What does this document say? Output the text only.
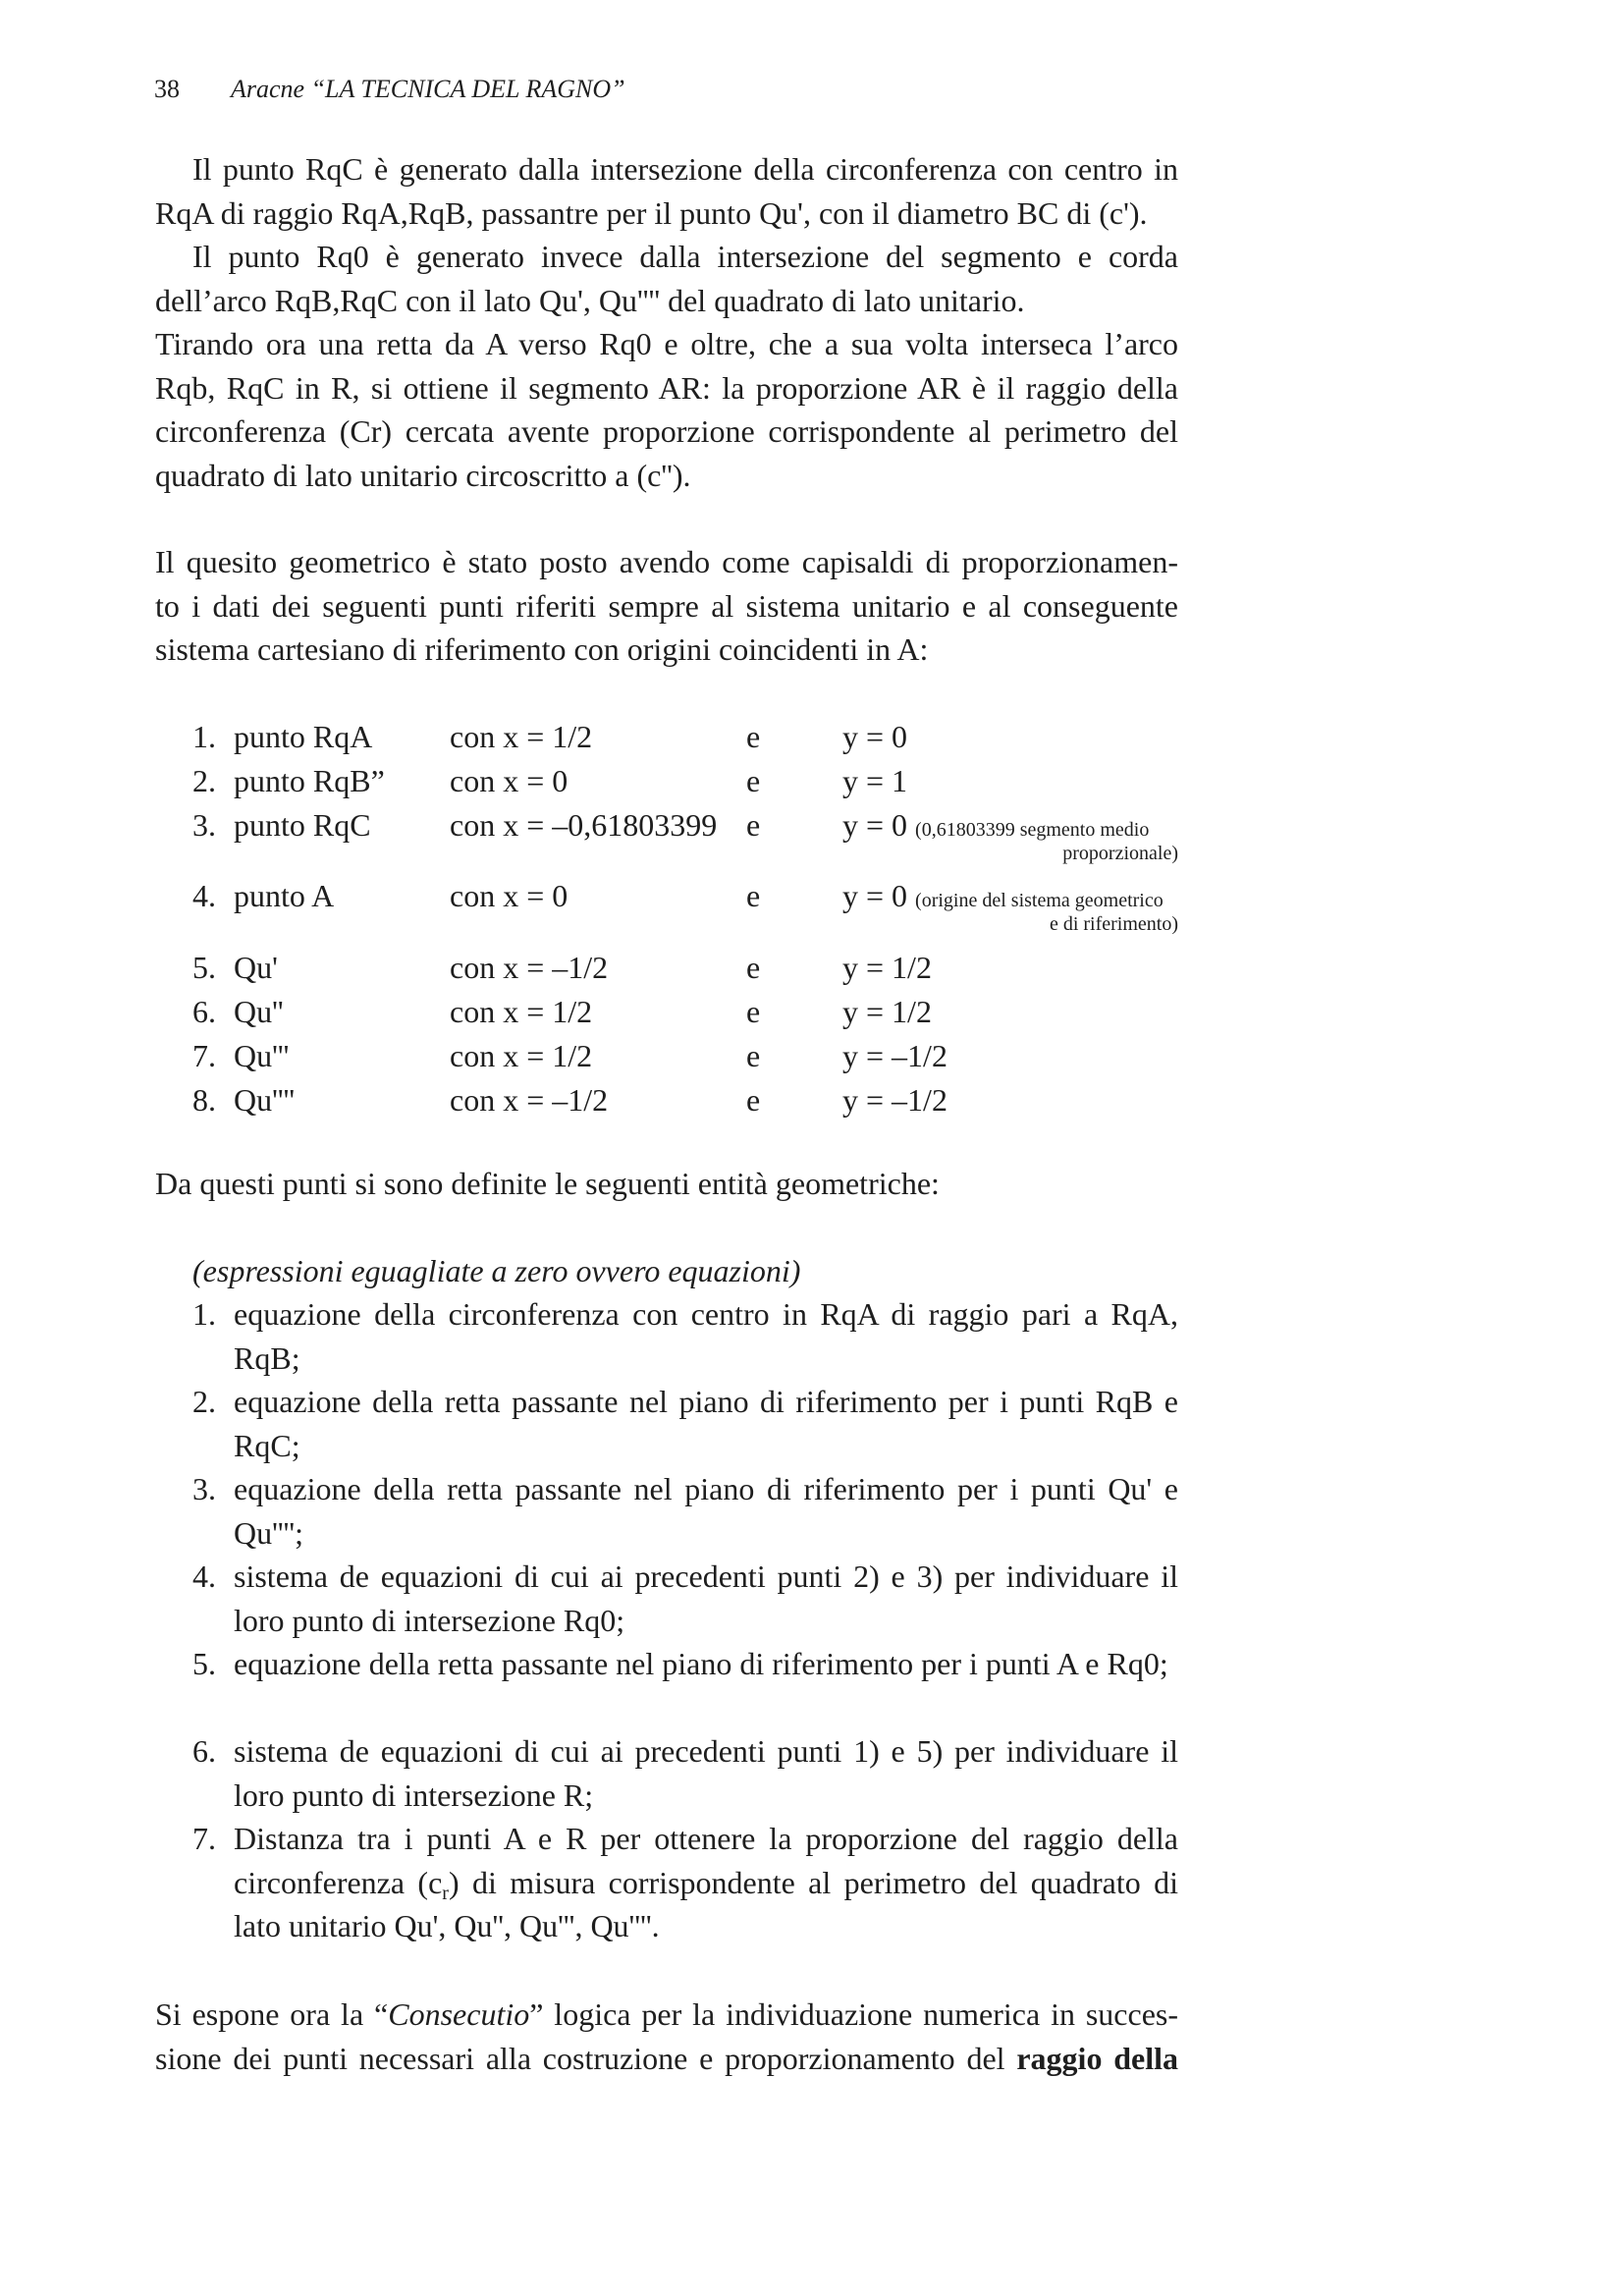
38 Aracne “LA TECNICA DEL RAGNO”

Il punto RqC è generato dalla intersezione della circonferenza con centro in

RqA di raggio RqA,RqB, passantre per il punto Qu', con il diametro BC di (c').

Il punto Rq0 è generato invece dalla intersezione del segmento e corda

dell’arco RqB,RqC con il lato Qu', Qu'''' del quadrato di lato unitario.

Tirando ora una retta da A verso Rq0 e oltre, che a sua volta interseca l’arco

Rqb, RqC in R, si ottiene il segmento AR: la proporzione AR è il raggio della

circonferenza (Cr) cercata avente proporzione corrispondente al perimetro del

quadrato di lato unitario circoscritto a (c'').

Il quesito geometrico è stato posto avendo come capisaldi di proporzionamen-

to i dati dei seguenti punti riferiti sempre al sistema unitario e al conseguente

sistema cartesiano di riferimento con origini coincidenti in A:

1. punto RqA con x = 1/2	e	y = 0
2. punto RqB” con x = 0	e	y = 1
3. punto RqC	con x = –0,61803399 e	y = 0 (0,61803399 segmento medio
proporzionale)
4. punto A	con x = 0	e	y = 0 (origine del sistema geometrico
e di riferimento)
5. Qu'	con x = –1/2	e	y = 1/2
6. Qu''	con x = 1/2	e	y = 1/2
7. Qu'''	con x = 1/2	e	y = –1/2
8. Qu''''	con x = –1/2	e	y = –1/2
Da questi punti si sono definite le seguenti entità geometriche:
(espressioni eguagliate a zero ovvero equazioni)
1. equazione della circonferenza con centro in RqA di raggio pari a RqA, RqB;
2. equazione della retta passante nel piano di riferimento per i punti RqB e RqC;
3. equazione della retta passante nel piano di riferimento per i punti Qu' e Qu'''';
4. sistema de equazioni di cui ai precedenti punti 2) e 3) per individuare il loro punto di intersezione Rq0;
5. equazione della retta passante nel piano di riferimento per i punti A e Rq0;
6. sistema de equazioni di cui ai precedenti punti 1) e 5) per individuare il loro punto di intersezione R;
7. Distanza tra i punti A e R per ottenere la proporzione del raggio della circonferenza $(c_r)$ di misura corrispondente al perimetro del quadrato di lato unitario Qu', Qu'', Qu''', Qu''''.

Si espone ora la “Consecutio” logica per la individuazione numerica in succes-

sione dei punti necessari alla costruzione e proporzionamento del raggio della
